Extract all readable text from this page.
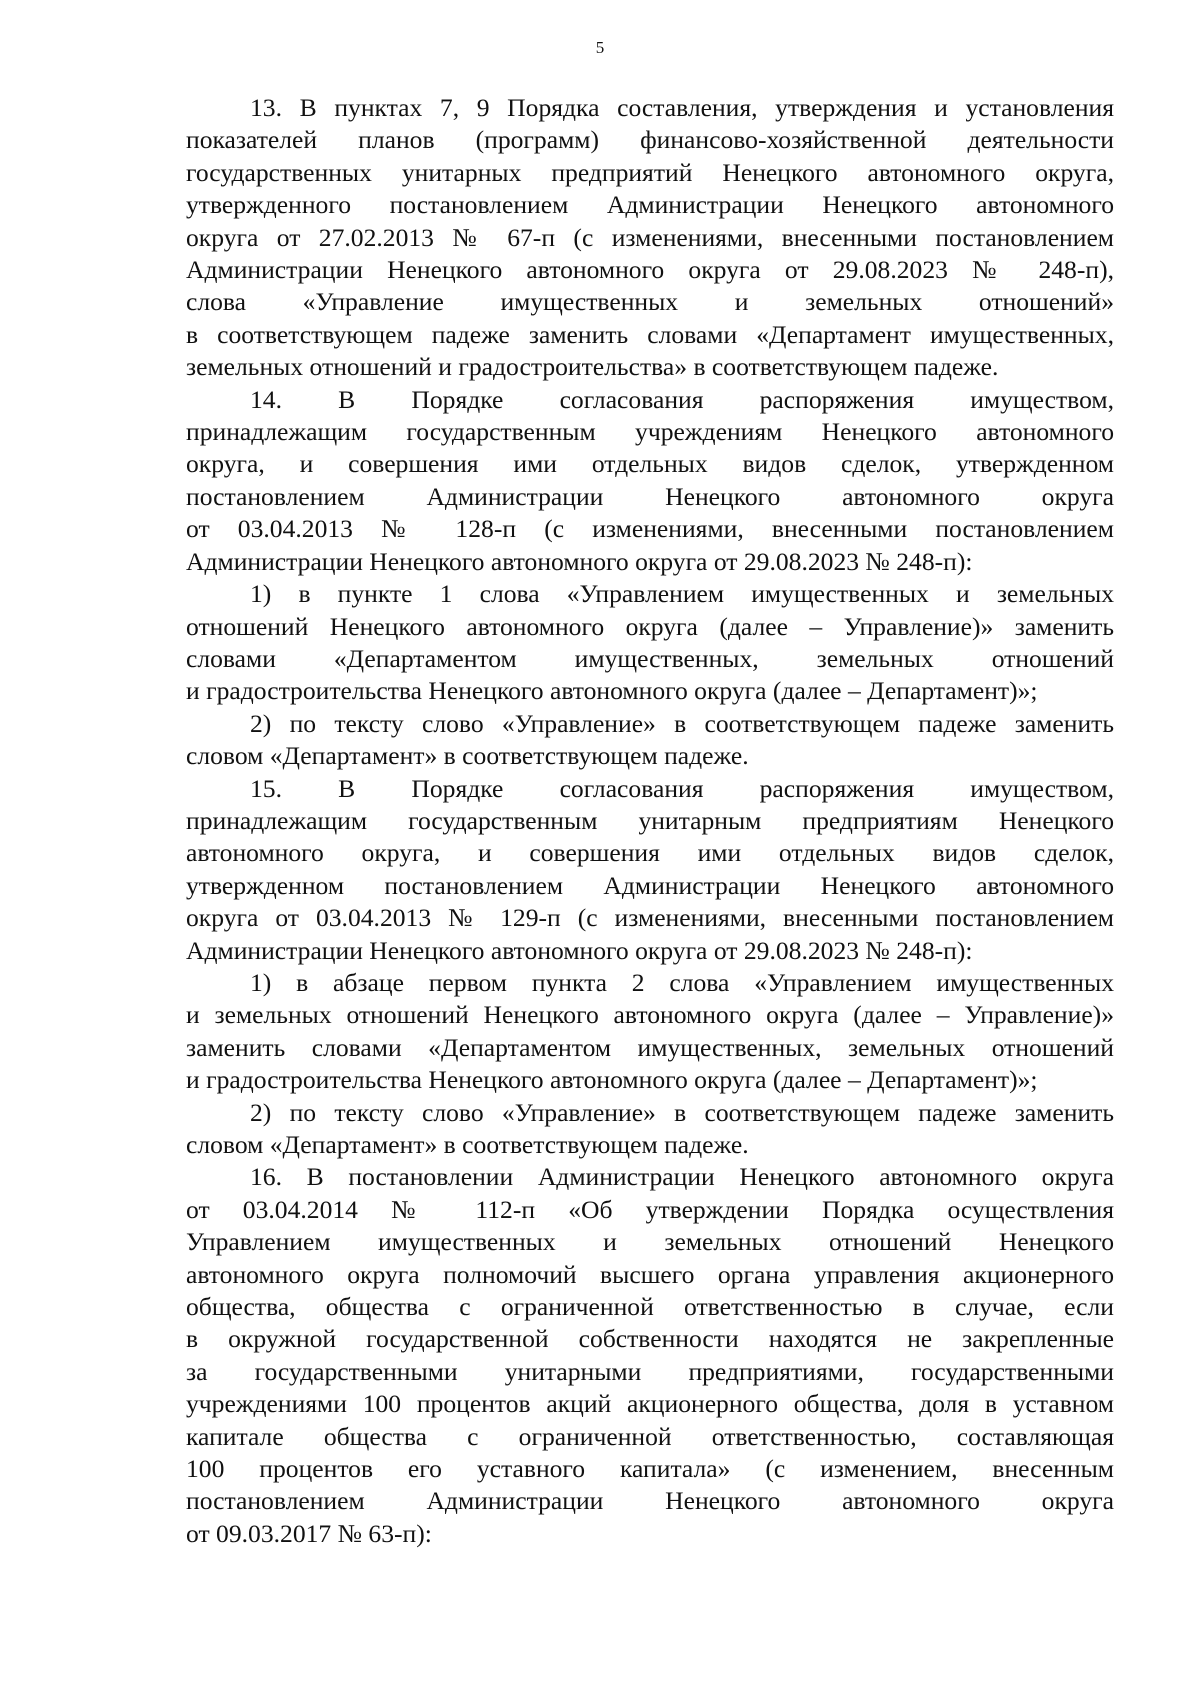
5

13. В пунктах 7, 9 Порядка составления, утверждения и установления
показателей планов (программ) финансово-хозяйственной деятельности
государственных унитарных предприятий Ненецкого автономного округа,
утвержденного постановлением Администрации Ненецкого автономного
округа от 27.02.2013 № 67-п (с изменениями, внесенными постановлением
Администрации Ненецкого автономного округа от 29.08.2023 № 248-п),
слова «Управление имущественных и земельных отношений»
в соответствующем падеже заменить словами «Департамент имущественных,
земельных отношений и градостроительства» в соответствующем падеже.

14. В Порядке согласования распоряжения имуществом,
принадлежащим государственным учреждениям Ненецкого автономного
округа, и совершения ими отдельных видов сделок, утвержденном
постановлением Администрации Ненецкого автономного округа
от 03.04.2013 № 128-п (с изменениями, внесенными постановлением
Администрации Ненецкого автономного округа от 29.08.2023 № 248-п):

1) в пункте 1 слова «Управлением имущественных и земельных
отношений Ненецкого автономного округа (далее – Управление)» заменить
словами «Департаментом имущественных, земельных отношений
и градостроительства Ненецкого автономного округа (далее – Департамент)»;

2) по тексту слово «Управление» в соответствующем падеже заменить
словом «Департамент» в соответствующем падеже.

15. В Порядке согласования распоряжения имуществом,
принадлежащим государственным унитарным предприятиям Ненецкого
автономного округа, и совершения ими отдельных видов сделок,
утвержденном постановлением Администрации Ненецкого автономного
округа от 03.04.2013 № 129-п (с изменениями, внесенными постановлением
Администрации Ненецкого автономного округа от 29.08.2023 № 248-п):

1) в абзаце первом пункта 2 слова «Управлением имущественных
и земельных отношений Ненецкого автономного округа (далее – Управление)»
заменить словами «Департаментом имущественных, земельных отношений
и градостроительства Ненецкого автономного округа (далее – Департамент)»;

2) по тексту слово «Управление» в соответствующем падеже заменить
словом «Департамент» в соответствующем падеже.

16. В постановлении Администрации Ненецкого автономного округа
от 03.04.2014 № 112-п «Об утверждении Порядка осуществления
Управлением имущественных и земельных отношений Ненецкого
автономного округа полномочий высшего органа управления акционерного
общества, общества с ограниченной ответственностью в случае, если
в окружной государственной собственности находятся не закрепленные
за государственными унитарными предприятиями, государственными
учреждениями 100 процентов акций акционерного общества, доля в уставном
капитале общества с ограниченной ответственностью, составляющая
100 процентов его уставного капитала» (с изменением, внесенным
постановлением Администрации Ненецкого автономного округа
от 09.03.2017 № 63-п):
